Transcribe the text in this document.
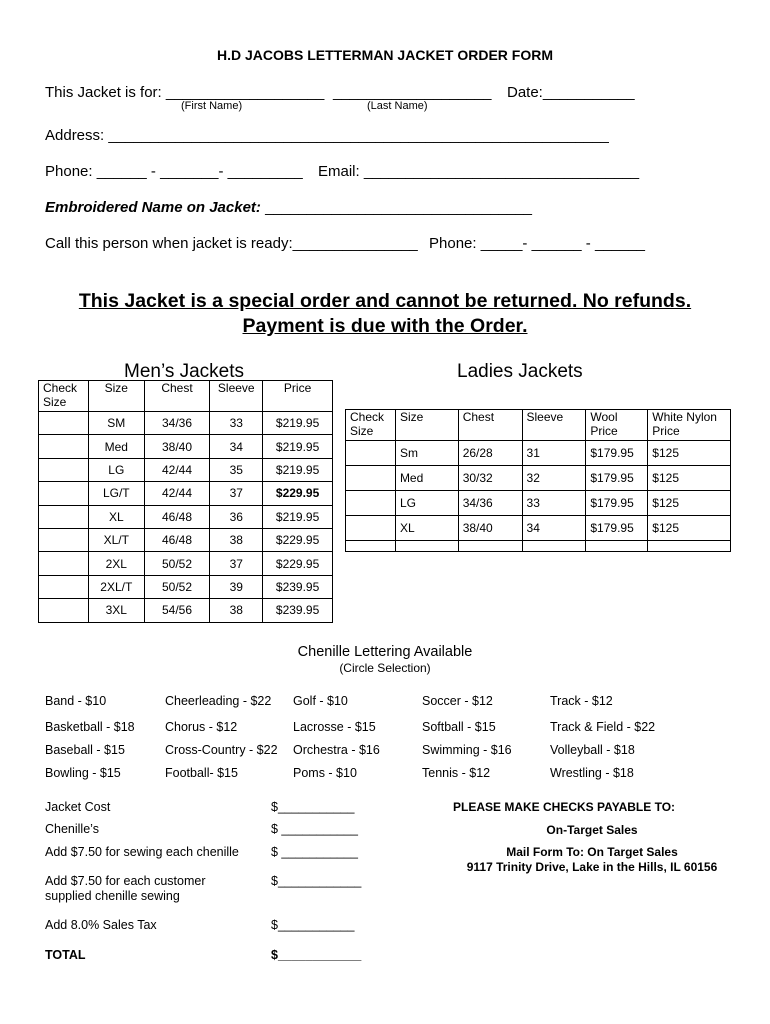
H.D JACOBS LETTERMAN JACKET ORDER FORM
This Jacket is for: ___________________ ___________________ Date:___________
(First Name)	(Last Name)
Address: ____________________________________________________________
Phone: ______ - _______- _________ Email: _________________________________
Embroidered Name on Jacket: ________________________________
Call this person when jacket is ready:_______________ Phone: _____- ______ - ______
This Jacket is a special order and cannot be returned. No refunds.
Payment is due with the Order.
Men’s Jackets	Ladies Jackets
Check Size	Size	Chest	Sleeve	Price
	SM	34/36	33	$219.95
	Med	38/40	34	$219.95
	LG	42/44	35	$219.95
	LG/T	42/44	37	$229.95
	XL	46/48	36	$219.95
	XL/T	46/48	38	$229.95
	2XL	50/52	37	$229.95
	2XL/T	50/52	39	$239.95
	3XL	54/56	38	$239.95
Check Size	Size	Chest	Sleeve	Wool Price	White Nylon Price
	Sm	26/28	31	$179.95	$125
	Med	30/32	32	$179.95	$125
	LG	34/36	33	$179.95	$125
	XL	38/40	34	$179.95	$125

Chenille Lettering Available
(Circle Selection)
Band - $10	Cheerleading - $22 Golf - $10	Soccer - $12	Track - $12
Basketball - $18 Chorus - $12	Lacrosse - $15	Softball - $15	Track & Field - $22
Baseball - $15	Cross-Country - $22 Orchestra - $16	Swimming - $16	Volleyball - $18
Bowling - $15	Football- $15	Poms - $10	Tennis - $12	Wrestling - $18
Jacket Cost	$___________
Chenille’s	$ ___________
Add $7.50 for sewing each chenille	$ ___________
Add $7.50 for each customer
supplied chenille sewing
$____________
Add 8.0% Sales Tax	$___________
TOTAL	$____________
PLEASE MAKE CHECKS PAYABLE TO:
On-Target Sales
Mail Form To: On Target Sales
9117 Trinity Drive, Lake in the Hills, IL 60156
